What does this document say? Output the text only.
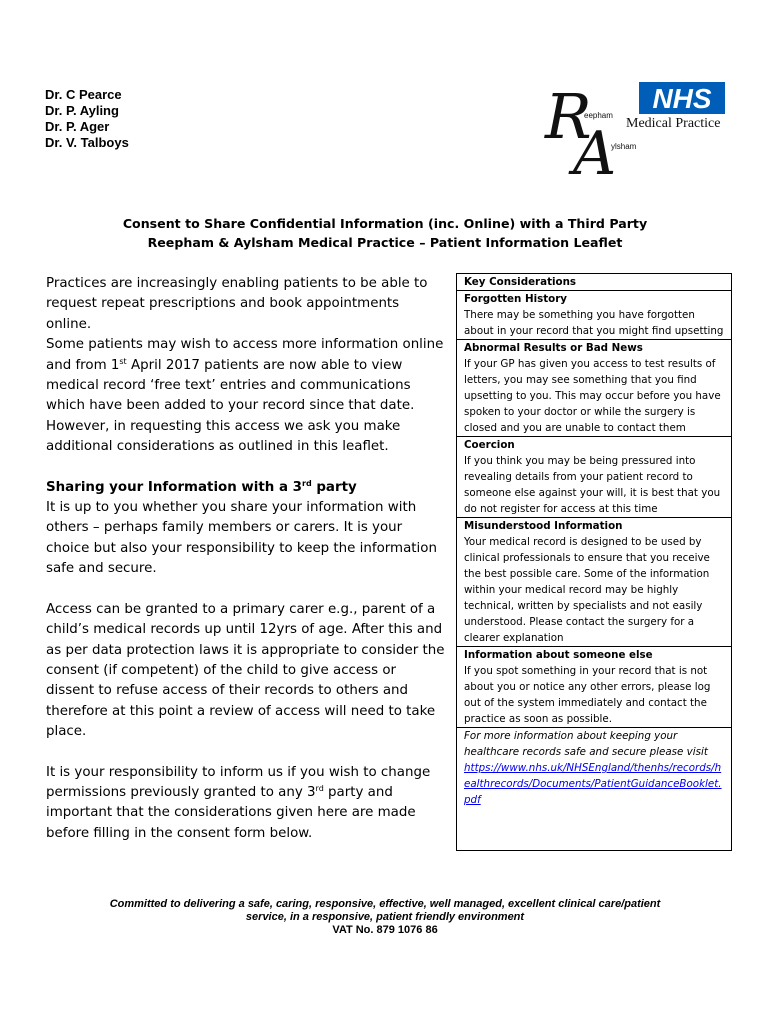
Dr. C Pearce
Dr. P. Ayling
Dr. P. Ager
Dr. V. Talboys	R
A
eepham
ylsham
NHS
Medical Practice
Consent to Share Confidential Information (inc. Online) with a Third Party
Reepham & Aylsham Medical Practice – Patient Information Leaflet

Practices are increasingly enabling patients to be able to request repeat prescriptions and book appointments online.

Some patients may wish to access more information online and from 1st April 2017 patients are now able to view medical record ‘free text’ entries and communications which have been added to your record since that date. However, in requesting this access we ask you make additional considerations as outlined in this leaflet.

Sharing your Information with a 3rd party

It is up to you whether you share your information with others – perhaps family members or carers. It is your choice but also your responsibility to keep the information safe and secure.

Access can be granted to a primary carer e.g., parent of a child’s medical records up until 12yrs of age. After this and as per data protection laws it is appropriate to consider the consent (if competent) of the child to give access or dissent to refuse access of their records to others and therefore at this point a review of access will need to take place.

It is your responsibility to inform us if you wish to change permissions previously granted to any 3rd party and important that the considerations given here are made before filling in the consent form below.

Key Considerations
Forgotten History
There may be something you have forgotten about in your record that you might find upsetting
Abnormal Results or Bad News
If your GP has given you access to test results of letters, you may see something that you find upsetting to you. This may occur before you have spoken to your doctor or while the surgery is closed and you are unable to contact them
Coercion
If you think you may be being pressured into revealing details from your patient record to someone else against your will, it is best that you do not register for access at this time
Misunderstood Information
Your medical record is designed to be used by clinical professionals to ensure that you receive the best possible care. Some of the information within your medical record may be highly technical, written by specialists and not easily understood. Please contact the surgery for a clearer explanation
Information about someone else
If you spot something in your record that is not about you or notice any other errors, please log out of the system immediately and contact the practice as soon as possible.
For more information about keeping your healthcare records safe and secure please visit
https://www.nhs.uk/NHSEngland/thenhs/records/healthrecords/Documents/PatientGuidanceBooklet.pdf
Committed to delivering a safe, caring, responsive, effective, well managed, excellent clinical care/patient
service, in a responsive, patient friendly environment
VAT No. 879 1076 86
